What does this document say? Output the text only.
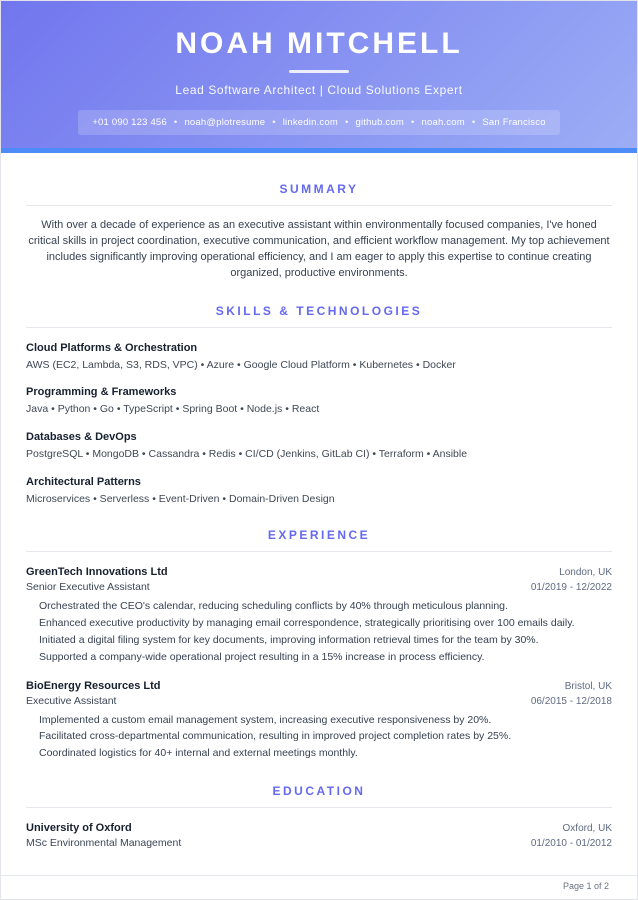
NOAH MITCHELL
Lead Software Architect | Cloud Solutions Expert
+01 090 123 456	• noah@plotresume	• linkedin.com	• github.com	• noah.com	• San Francisco
SUMMARY

With over a decade of experience as an executive assistant within environmentally focused companies, I've honed critical skills in project coordination, executive communication, and efficient workflow management. My top achievement includes significantly improving operational efficiency, and I am eager to apply this expertise to continue creating organized, productive environments.

SKILLS & TECHNOLOGIES
Cloud Platforms & Orchestration
AWS (EC2, Lambda, S3, RDS, VPC) • Azure • Google Cloud Platform • Kubernetes • Docker
Programming & Frameworks
Java • Python • Go • TypeScript • Spring Boot • Node.js • React
Databases & DevOps
PostgreSQL • MongoDB • Cassandra • Redis • CI/CD (Jenkins, GitLab CI) • Terraform • Ansible
Architectural Patterns
Microservices • Serverless • Event-Driven • Domain-Driven Design
EXPERIENCE
GreenTech Innovations Ltd	London, UK
Senior Executive Assistant	01/2019 - 12/2022
Orchestrated the CEO's calendar, reducing scheduling conflicts by 40% through meticulous planning.
Enhanced executive productivity by managing email correspondence, strategically prioritising over 100 emails daily.
Initiated a digital filing system for key documents, improving information retrieval times for the team by 30%.
Supported a company-wide operational project resulting in a 15% increase in process efficiency.
BioEnergy Resources Ltd	Bristol, UK
Executive Assistant	06/2015 - 12/2018
Implemented a custom email management system, increasing executive responsiveness by 20%.
Facilitated cross-departmental communication, resulting in improved project completion rates by 25%.
Coordinated logistics for 40+ internal and external meetings monthly.
EDUCATION
University of Oxford	Oxford, UK
MSc Environmental Management	01/2010 - 01/2012
Page 1 of 2
